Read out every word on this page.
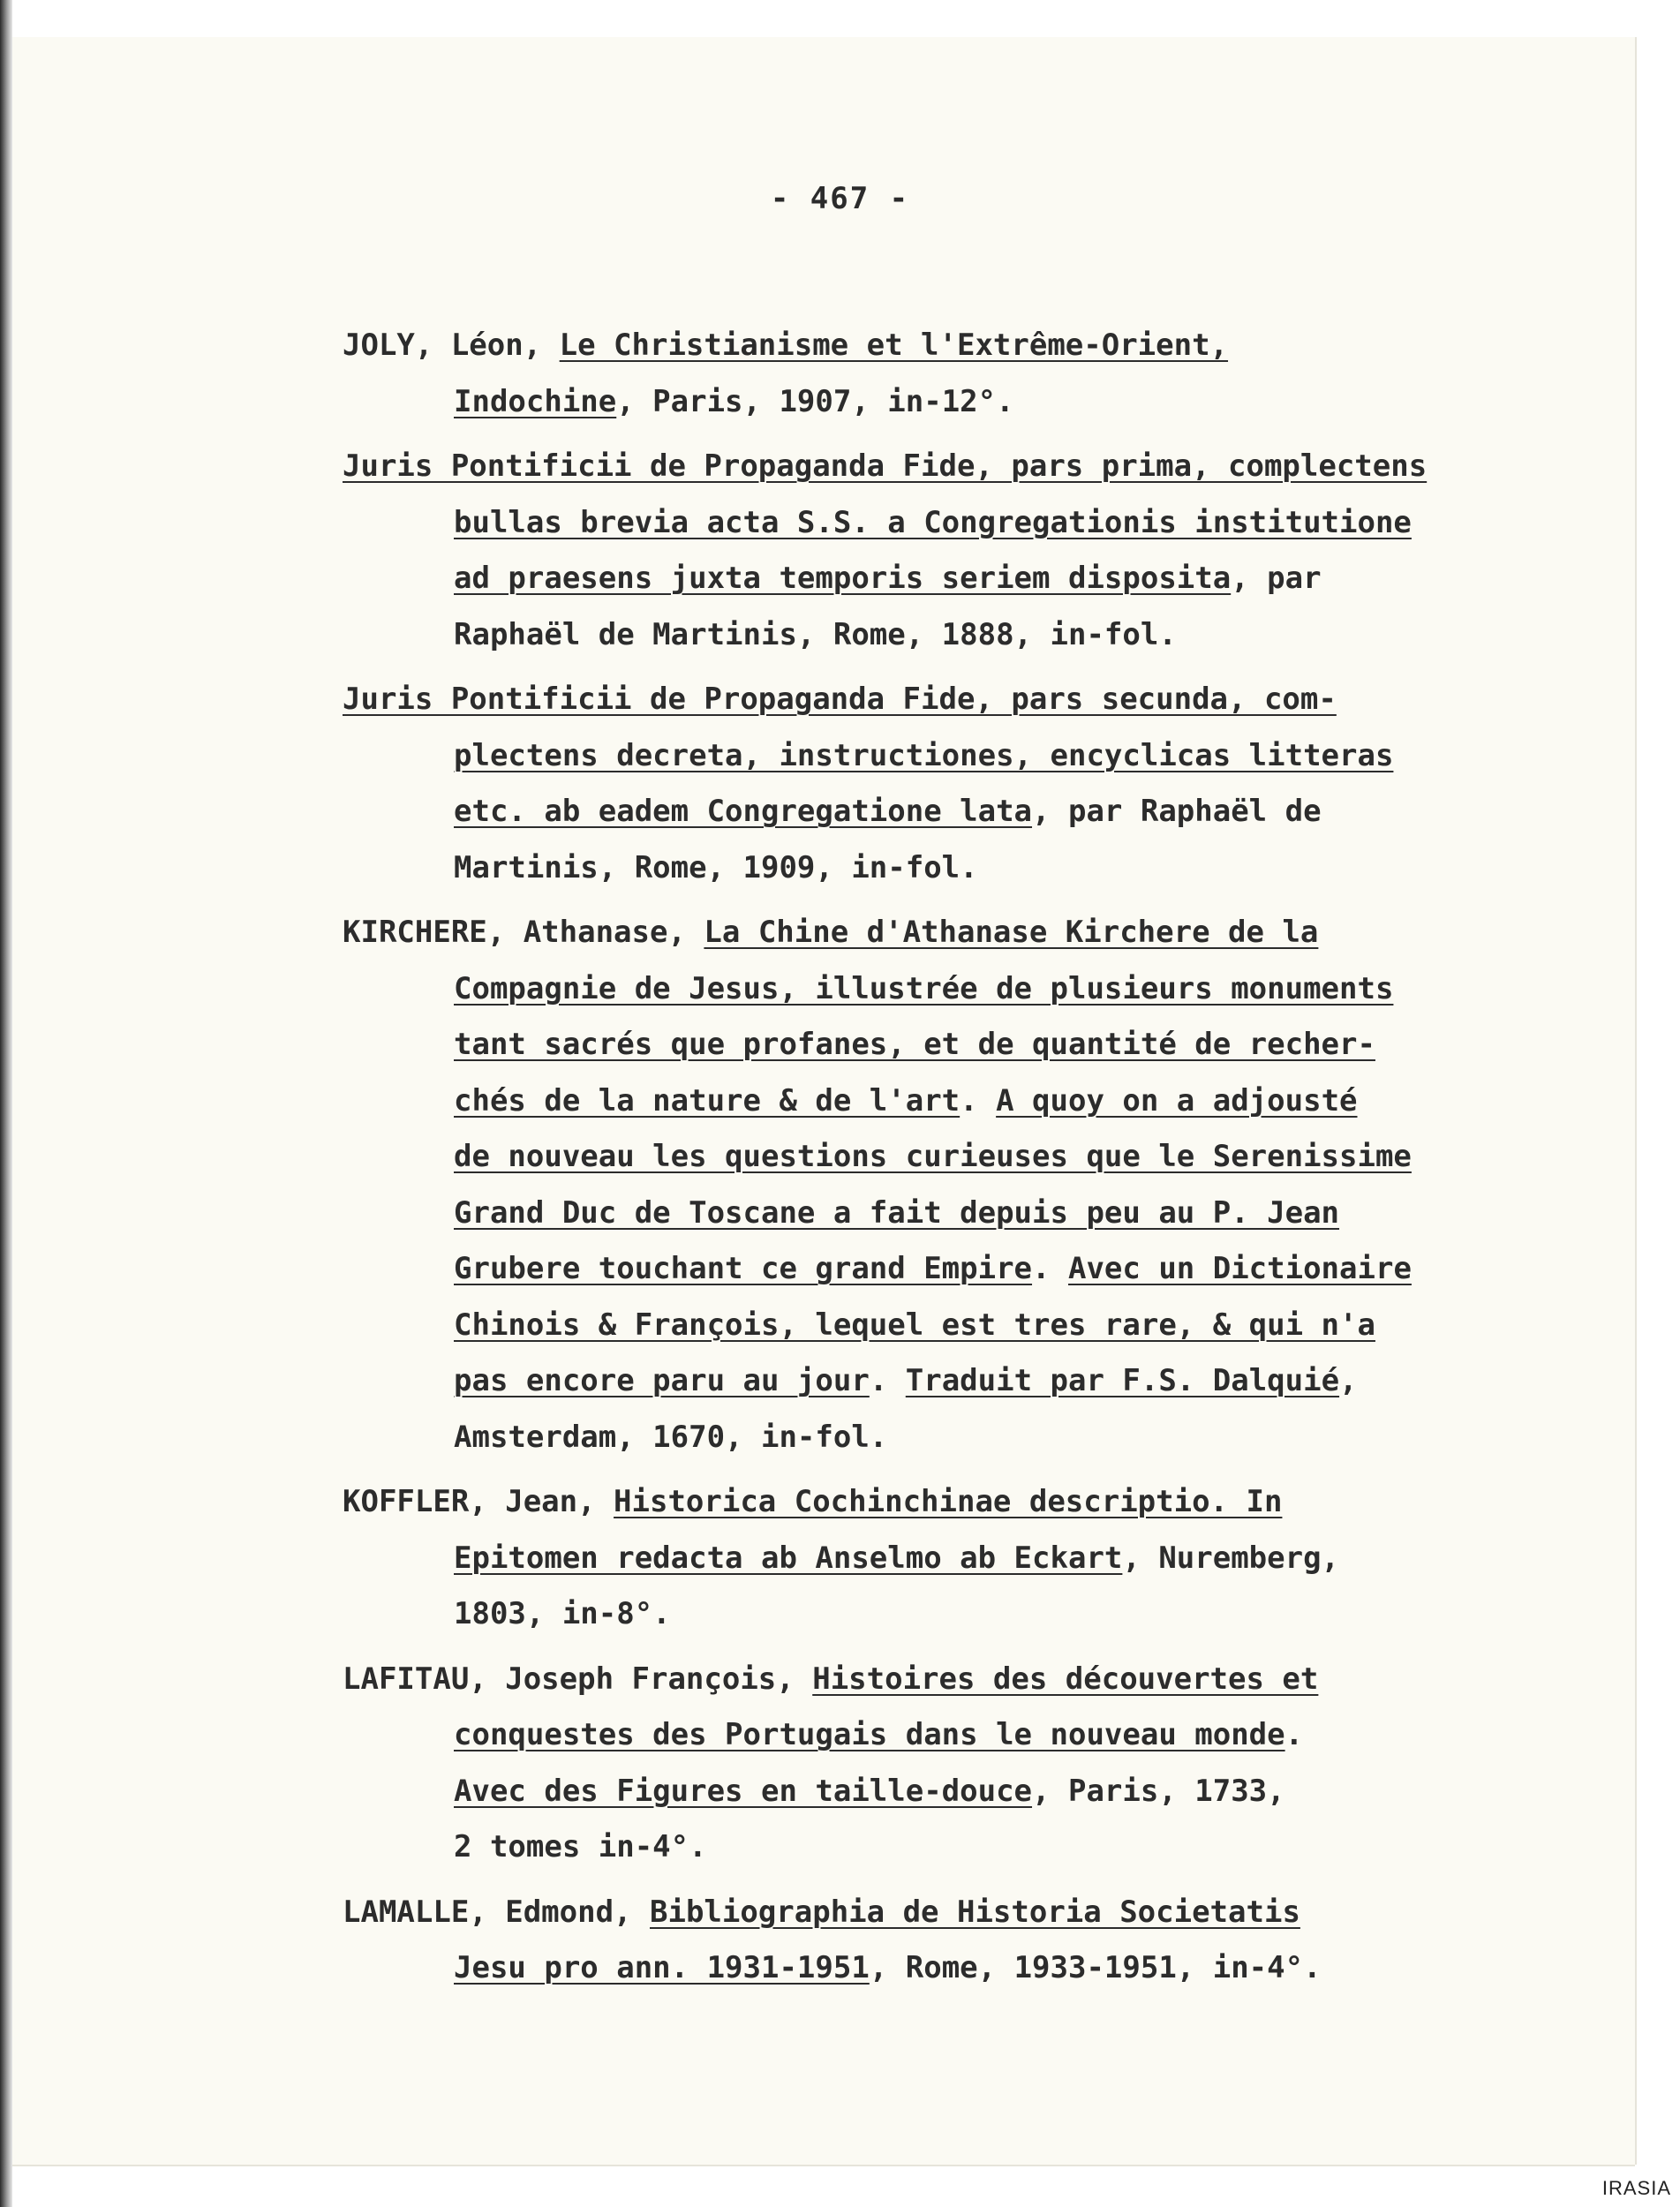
- 467 -
JOLY, Léon, Le Christianisme et l'Extrême-Orient,
Indochine, Paris, 1907, in-12°.
Juris Pontificii de Propaganda Fide, pars prima, complectens
bullas brevia acta S.S. a Congregationis institutione
ad praesens juxta temporis seriem disposita, par
Raphaël de Martinis, Rome, 1888, in-fol.
Juris Pontificii de Propaganda Fide, pars secunda, com-
plectens decreta, instructiones, encyclicas litteras
etc. ab eadem Congregatione lata, par Raphaël de
Martinis, Rome, 1909, in-fol.
KIRCHERE, Athanase, La Chine d'Athanase Kirchere de la
Compagnie de Jesus, illustrée de plusieurs monuments
tant sacrés que profanes, et de quantité de recher-
chés de la nature & de l'art. A quoy on a adjousté
de nouveau les questions curieuses que le Serenissime
Grand Duc de Toscane a fait depuis peu au P. Jean
Grubere touchant ce grand Empire. Avec un Dictionaire
Chinois & François, lequel est tres rare, & qui n'a
pas encore paru au jour. Traduit par F.S. Dalquié,
Amsterdam, 1670, in-fol.
KOFFLER, Jean, Historica Cochinchinae descriptio. In
Epitomen redacta ab Anselmo ab Eckart, Nuremberg,
1803, in-8°.
LAFITAU, Joseph François, Histoires des découvertes et
conquestes des Portugais dans le nouveau monde.
Avec des Figures en taille-douce, Paris, 1733,
2 tomes in-4°.
LAMALLE, Edmond, Bibliographia de Historia Societatis
Jesu pro ann. 1931-1951, Rome, 1933-1951, in-4°.
IRASIA
